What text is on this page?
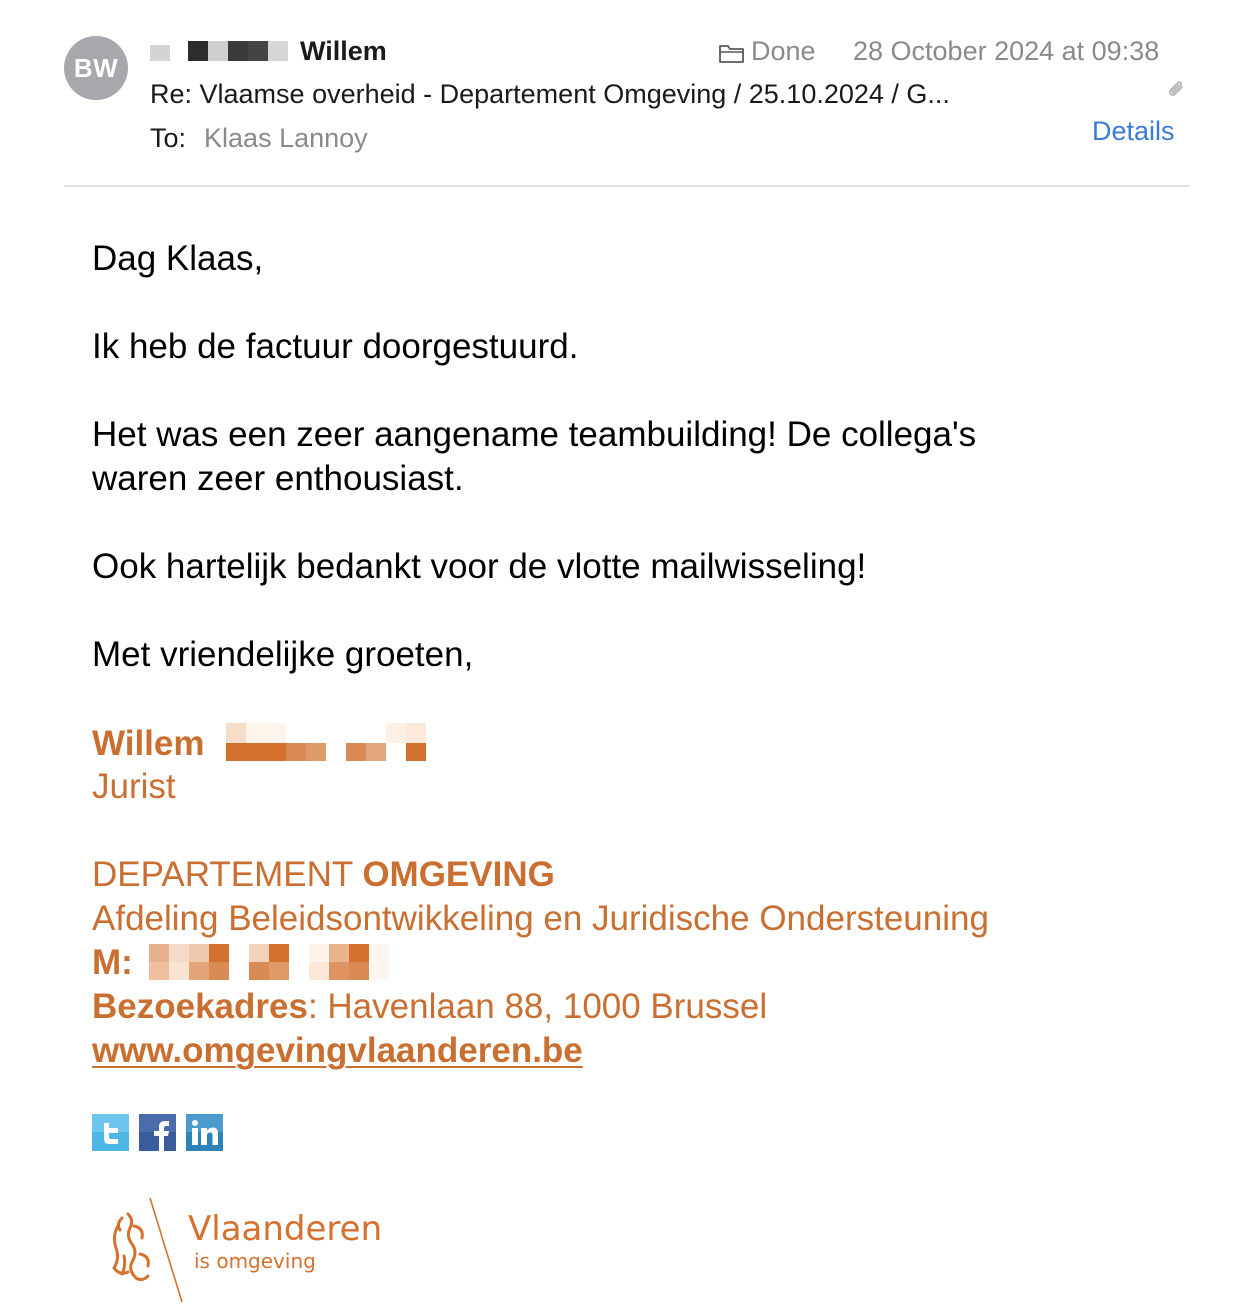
BW
Willem	Done 28 October 2024 at 09:38
Re: Vlaamse overheid - Departement Omgeving / 25.10.2024 / G...
To: Klaas Lannoy	Details
Dag Klaas,
Ik heb de factuur doorgestuurd.
Het was een zeer aangename teambuilding! De collega's
waren zeer enthousiast.
Ook hartelijk bedankt voor de vlotte mailwisseling!
Met vriendelijke groeten,
Willem
Jurist
DEPARTEMENT OMGEVING
Afdeling Beleidsontwikkeling en Juridische Ondersteuning
M:
Bezoekadres: Havenlaan 88, 1000 Brussel
www.omgevingvlaanderen.be
Vlaanderen
is omgeving
